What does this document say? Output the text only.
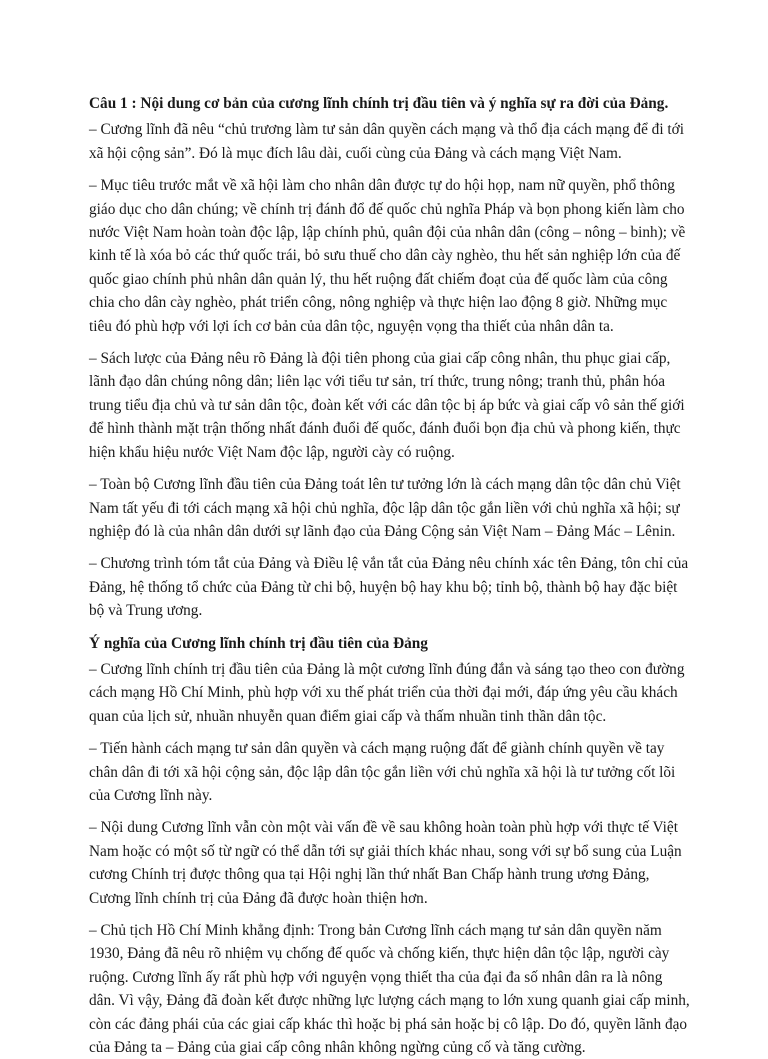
Câu 1 : Nội dung cơ bản của cương lĩnh chính trị đầu tiên và ý nghĩa sự ra đời của Đảng.

– Cương lĩnh đã nêu “chủ trương làm tư sản dân quyền cách mạng và thổ địa cách mạng để đi tới xã hội cộng sản”. Đó là mục đích lâu dài, cuối cùng của Đảng và cách mạng Việt Nam.

– Mục tiêu trước mắt về xã hội làm cho nhân dân được tự do hội họp, nam nữ quyền, phổ thông giáo dục cho dân chúng; về chính trị đánh đổ đế quốc chủ nghĩa Pháp và bọn phong kiến làm cho nước Việt Nam hoàn toàn độc lập, lập chính phủ, quân đội của nhân dân (công – nông – binh); về kinh tế là xóa bỏ các thứ quốc trái, bỏ sưu thuế cho dân cày nghèo, thu hết sản nghiệp lớn của đế quốc giao chính phủ nhân dân quản lý, thu hết ruộng đất chiếm đoạt của đế quốc làm của công chia cho dân cày nghèo, phát triển công, nông nghiệp và thực hiện lao động 8 giờ. Những mục tiêu đó phù hợp với lợi ích cơ bản của dân tộc, nguyện vọng tha thiết của nhân dân ta.

– Sách lược của Đảng nêu rõ Đảng là đội tiên phong của giai cấp công nhân, thu phục giai cấp, lãnh đạo dân chúng nông dân; liên lạc với tiểu tư sản, trí thức, trung nông; tranh thủ, phân hóa trung tiểu địa chủ và tư sản dân tộc, đoàn kết với các dân tộc bị áp bức và giai cấp vô sản thế giới để hình thành mặt trận thống nhất đánh đuổi đế quốc, đánh đuổi bọn địa chủ và phong kiến, thực hiện khẩu hiệu nước Việt Nam độc lập, người cày có ruộng.

– Toàn bộ Cương lĩnh đầu tiên của Đảng toát lên tư tưởng lớn là cách mạng dân tộc dân chủ Việt Nam tất yếu đi tới cách mạng xã hội chủ nghĩa, độc lập dân tộc gắn liền với chủ nghĩa xã hội; sự nghiệp đó là của nhân dân dưới sự lãnh đạo của Đảng Cộng sản Việt Nam – Đảng Mác – Lênin.

– Chương trình tóm tắt của Đảng và Điều lệ vắn tắt của Đảng nêu chính xác tên Đảng, tôn chỉ của Đảng, hệ thống tổ chức của Đảng từ chi bộ, huyện bộ hay khu bộ; tỉnh bộ, thành bộ hay đặc biệt bộ và Trung ương.

Ý nghĩa của Cương lĩnh chính trị đầu tiên của Đảng

– Cương lĩnh chính trị đầu tiên của Đảng là một cương lĩnh đúng đắn và sáng tạo theo con đường cách mạng Hồ Chí Minh, phù hợp với xu thế phát triển của thời đại mới, đáp ứng yêu cầu khách quan của lịch sử, nhuần nhuyễn quan điểm giai cấp và thấm nhuần tinh thần dân tộc.

– Tiến hành cách mạng tư sản dân quyền và cách mạng ruộng đất để giành chính quyền về tay chân dân đi tới xã hội cộng sản, độc lập dân tộc gắn liền với chủ nghĩa xã hội là tư tưởng cốt lõi của Cương lĩnh này.

– Nội dung Cương lĩnh vẫn còn một vài vấn đề về sau không hoàn toàn phù hợp với thực tế Việt Nam hoặc có một số từ ngữ có thể dẫn tới sự giải thích khác nhau, song với sự bổ sung của Luận cương Chính trị được thông qua tại Hội nghị lần thứ nhất Ban Chấp hành trung ương Đảng, Cương lĩnh chính trị của Đảng đã được hoàn thiện hơn.

– Chủ tịch Hồ Chí Minh khẳng định: Trong bản Cương lĩnh cách mạng tư sản dân quyền năm 1930, Đảng đã nêu rõ nhiệm vụ chống đế quốc và chống kiến, thực hiện dân tộc lập, người cày ruộng. Cương lĩnh ấy rất phù hợp với nguyện vọng thiết tha của đại đa số nhân dân ra là nông dân. Vì vậy, Đảng đã đoàn kết được những lực lượng cách mạng to lớn xung quanh giai cấp minh, còn các đảng phái của các giai cấp khác thì hoặc bị phá sản hoặc bị cô lập. Do đó, quyền lãnh đạo của Đảng ta – Đảng của giai cấp công nhân không ngừng củng cố và tăng cường.
